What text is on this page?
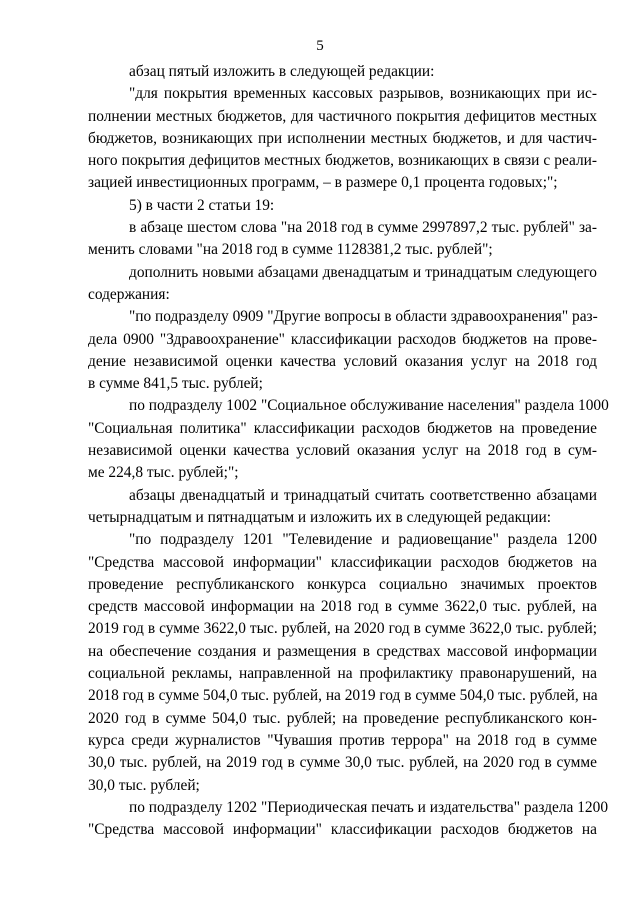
5
абзац пятый изложить в следующей редакции:
"для покрытия временных кассовых разрывов, возникающих при ис-
полнении местных бюджетов, для частичного покрытия дефицитов местных
бюджетов, возникающих при исполнении местных бюджетов, и для частич-
ного покрытия дефицитов местных бюджетов, возникающих в связи с реали-
зацией инвестиционных программ, – в размере 0,1 процента годовых;";
5) в части 2 статьи 19:
в абзаце шестом слова "на 2018 год в сумме 2997897,2 тыс. рублей" за-
менить словами "на 2018 год в сумме 1128381,2 тыс. рублей";
дополнить новыми абзацами двенадцатым и тринадцатым следующего
содержания:
"по подразделу 0909 "Другие вопросы в области здравоохранения" раз-
дела 0900 "Здравоохранение" классификации расходов бюджетов на прове-
дение независимой оценки качества условий оказания услуг на 2018 год
в сумме 841,5 тыс. рублей;
по подразделу 1002 "Социальное обслуживание населения" раздела 1000
"Социальная политика" классификации расходов бюджетов на проведение
независимой оценки качества условий оказания услуг на 2018 год в сум-
ме 224,8 тыс. рублей;";
абзацы двенадцатый и тринадцатый считать соответственно абзацами
четырнадцатым и пятнадцатым и изложить их в следующей редакции:
"по подразделу 1201 "Телевидение и радиовещание" раздела 1200
"Средства массовой информации" классификации расходов бюджетов на
проведение республиканского конкурса социально значимых проектов
средств массовой информации на 2018 год в сумме 3622,0 тыс. рублей, на
2019 год в сумме 3622,0 тыс. рублей, на 2020 год в сумме 3622,0 тыс. рублей;
на обеспечение создания и размещения в средствах массовой информации
социальной рекламы, направленной на профилактику правонарушений, на
2018 год в сумме 504,0 тыс. рублей, на 2019 год в сумме 504,0 тыс. рублей, на
2020 год в сумме 504,0 тыс. рублей; на проведение республиканского кон-
курса среди журналистов "Чувашия против террора" на 2018 год в сумме
30,0 тыс. рублей, на 2019 год в сумме 30,0 тыс. рублей, на 2020 год в сумме
30,0 тыс. рублей;
по подразделу 1202 "Периодическая печать и издательства" раздела 1200
"Средства массовой информации" классификации расходов бюджетов на
